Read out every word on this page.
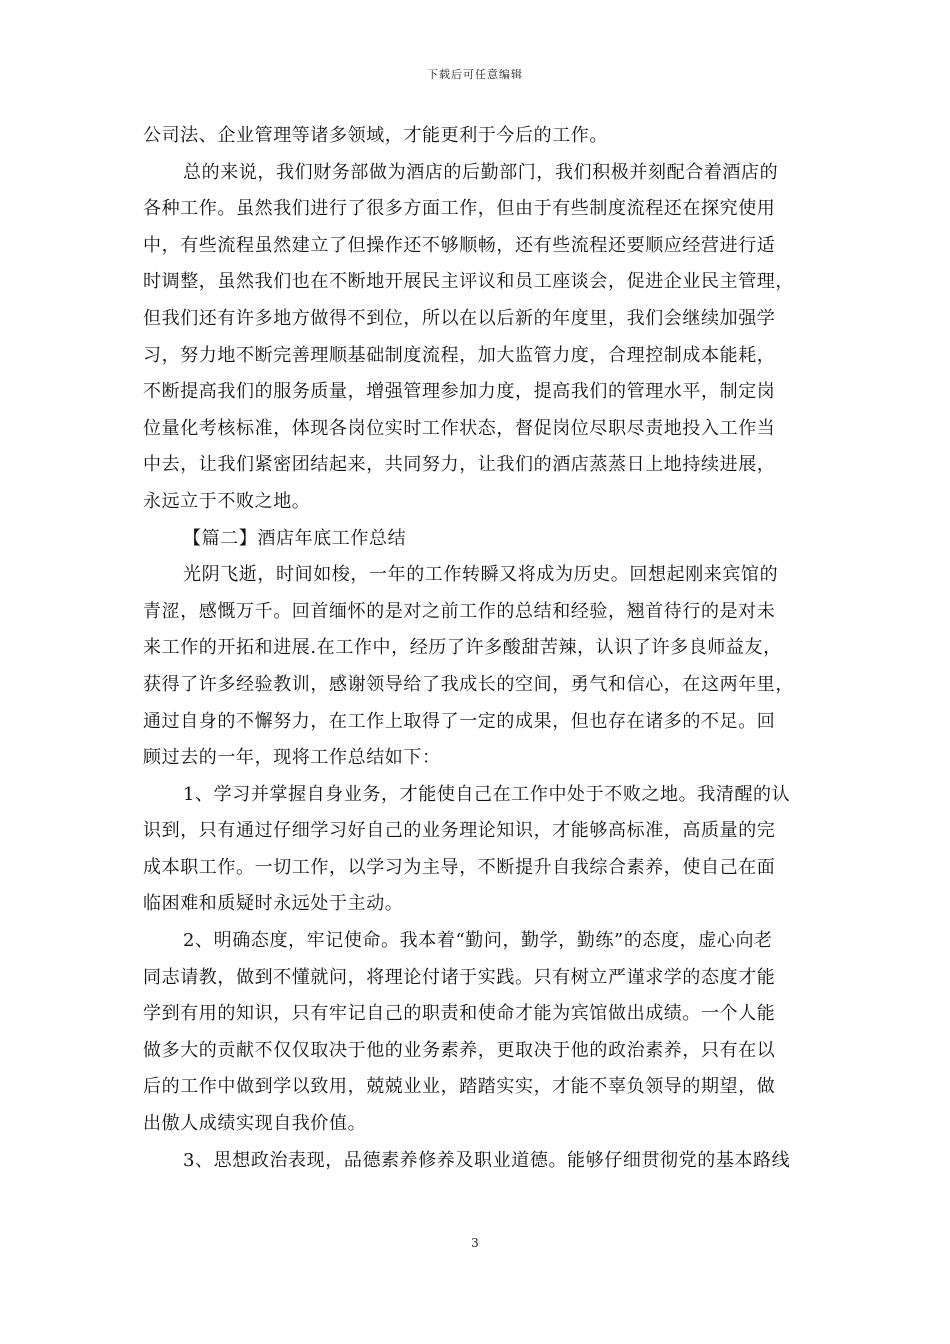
下载后可任意编辑
公司法、企业管理等诸多领域，才能更利于今后的工作。
总的来说，我们财务部做为酒店的后勤部门，我们积极并刻配合着酒店的
各种工作。虽然我们进行了很多方面工作，但由于有些制度流程还在探究使用
中，有些流程虽然建立了但操作还不够顺畅，还有些流程还要顺应经营进行适
时调整，虽然我们也在不断地开展民主评议和员工座谈会，促进企业民主管理，
但我们还有许多地方做得不到位，所以在以后新的年度里，我们会继续加强学
习，努力地不断完善理顺基础制度流程，加大监管力度，合理控制成本能耗，
不断提高我们的服务质量，增强管理参加力度，提高我们的管理水平，制定岗
位量化考核标准，体现各岗位实时工作状态，督促岗位尽职尽责地投入工作当
中去，让我们紧密团结起来，共同努力，让我们的酒店蒸蒸日上地持续进展，
永远立于不败之地。
【篇二】酒店年底工作总结
光阴飞逝，时间如梭，一年的工作转瞬又将成为历史。回想起刚来宾馆的
青涩，感慨万千。回首缅怀的是对之前工作的总结和经验，翘首待行的是对未
来工作的开拓和进展.在工作中，经历了许多酸甜苦辣，认识了许多良师益友，
获得了许多经验教训，感谢领导给了我成长的空间，勇气和信心，在这两年里，
通过自身的不懈努力，在工作上取得了一定的成果，但也存在诸多的不足。回
顾过去的一年，现将工作总结如下：
1、学习并掌握自身业务，才能使自己在工作中处于不败之地。我清醒的认
识到，只有通过仔细学习好自己的业务理论知识，才能够高标准，高质量的完
成本职工作。一切工作，以学习为主导，不断提升自我综合素养，使自己在面
临困难和质疑时永远处于主动。
2、明确态度，牢记使命。我本着“勤问，勤学，勤练”的态度，虚心向老
同志请教，做到不懂就问，将理论付诸于实践。只有树立严谨求学的态度才能
学到有用的知识，只有牢记自己的职责和使命才能为宾馆做出成绩。一个人能
做多大的贡献不仅仅取决于他的业务素养，更取决于他的政治素养，只有在以
后的工作中做到学以致用，兢兢业业，踏踏实实，才能不辜负领导的期望，做
出傲人成绩实现自我价值。
3、思想政治表现，品德素养修养及职业道德。能够仔细贯彻党的基本路线
3
